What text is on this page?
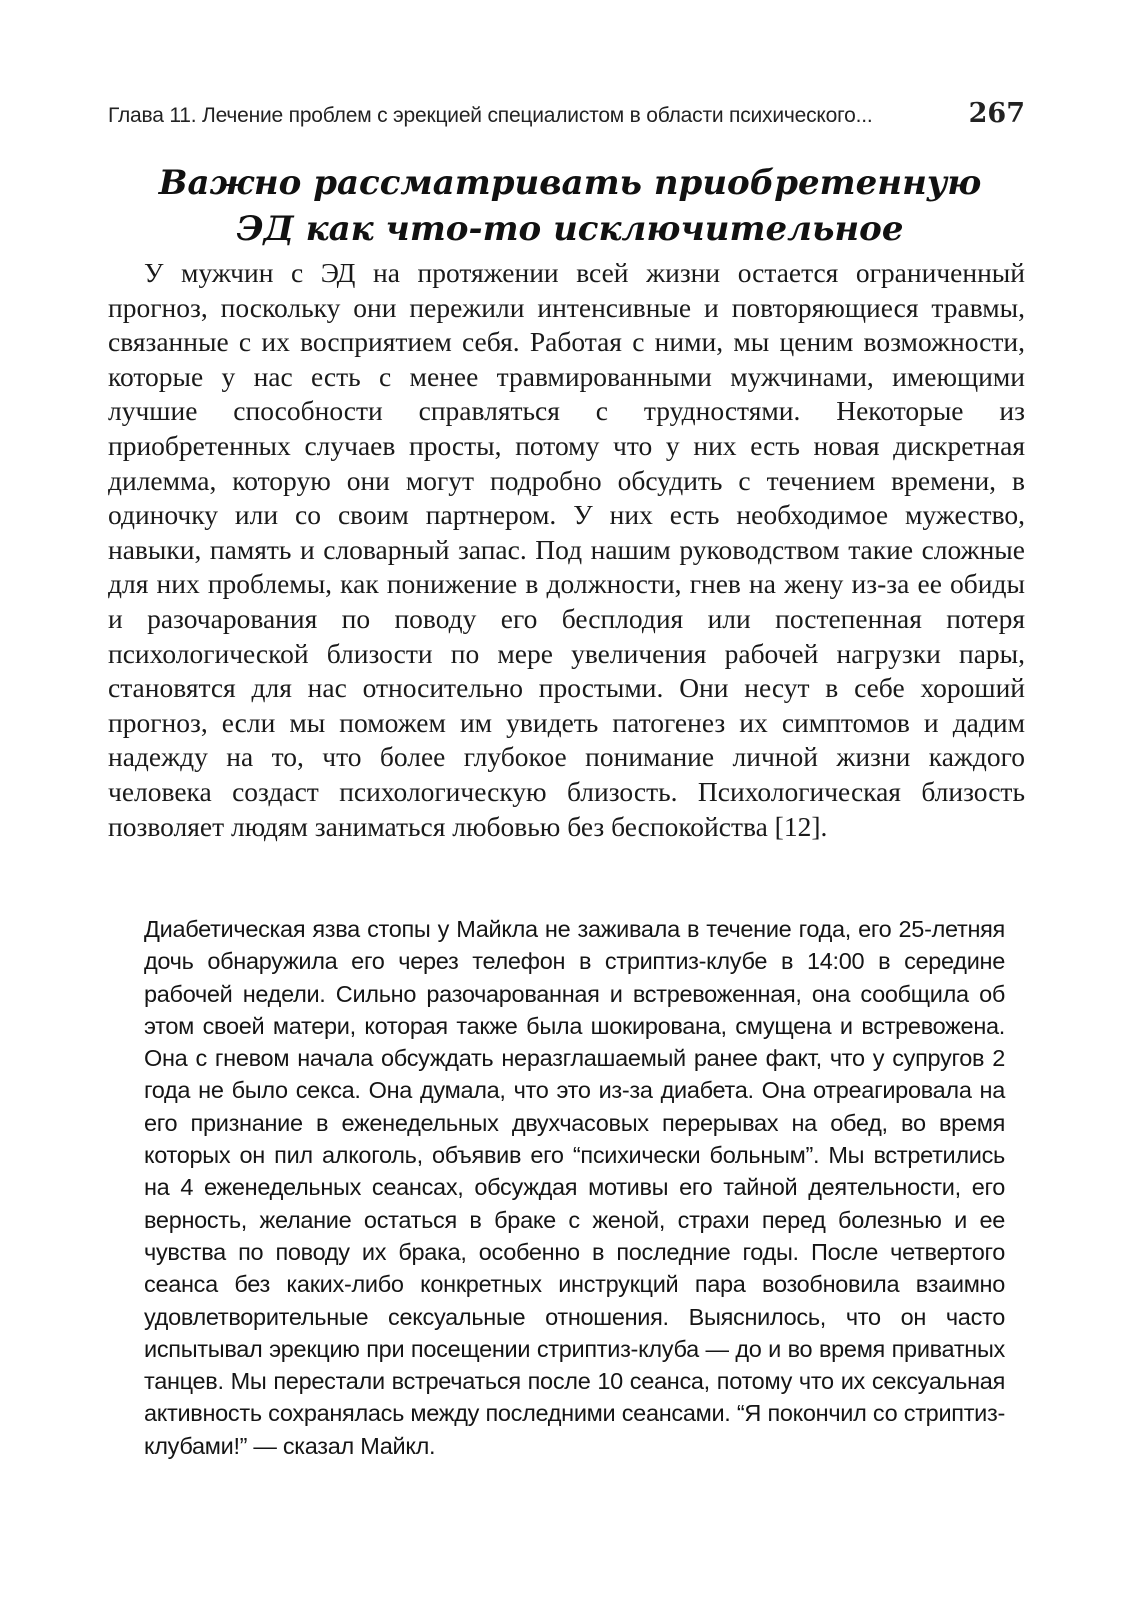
Глава 11. Лечение проблем с эрекцией специалистом в области психического...	267
Важно рассматривать приобретенную
ЭД как что-то исключительное

У мужчин с ЭД на протяжении всей жизни остается ограниченный прогноз, поскольку они пережили интенсивные и повторяющиеся травмы, связанные с их восприятием себя. Работая с ними, мы ценим возможности, которые у нас есть с менее травмированными мужчинами, имеющими лучшие способности справляться с трудностями. Некоторые из приобретенных случаев просты, потому что у них есть новая дискретная дилемма, которую они могут подробно обсудить с течением времени, в одиночку или со своим партнером. У них есть необходимое мужество, навыки, память и словарный запас. Под нашим руководством такие сложные для них проблемы, как понижение в должности, гнев на жену из-за ее обиды и разочарования по поводу его бесплодия или постепенная потеря психологической близости по мере увеличения рабочей нагрузки пары, становятся для нас относительно простыми. Они несут в себе хороший прогноз, если мы поможем им увидеть патогенез их симптомов и дадим надежду на то, что более глубокое понимание личной жизни каждого человека создаст психологическую близость. Психологическая близость позволяет людям заниматься любовью без беспокойства [12].

Диабетическая язва стопы у Майкла не заживала в течение года, его 25-летняя дочь обнаружила его через телефон в стриптиз-клубе в 14:00 в середине рабочей недели. Сильно разочарованная и встревоженная, она сообщила об этом своей матери, которая также была шокирована, смущена и встревожена. Она с гневом начала обсуждать неразглашаемый ранее факт, что у супругов 2 года не было секса. Она думала, что это из-за диабета. Она отреагировала на его признание в еженедельных двухчасовых перерывах на обед, во время которых он пил алкоголь, объявив его “психически больным”. Мы встретились на 4 еженедельных сеансах, обсуждая мотивы его тайной деятельности, его верность, желание остаться в браке с женой, страхи перед болезнью и ее чувства по поводу их брака, особенно в последние годы. После четвертого сеанса без каких-либо конкретных инструкций пара возобновила взаимно удовлетворительные сексуальные отношения. Выяснилось, что он часто испытывал эрекцию при посещении стриптиз-клуба — до и во время приватных танцев. Мы перестали встречаться после 10 сеанса, потому что их сексуальная активность сохранялась между последними сеансами. “Я покончил со стриптиз-клубами!” — сказал Майкл.
